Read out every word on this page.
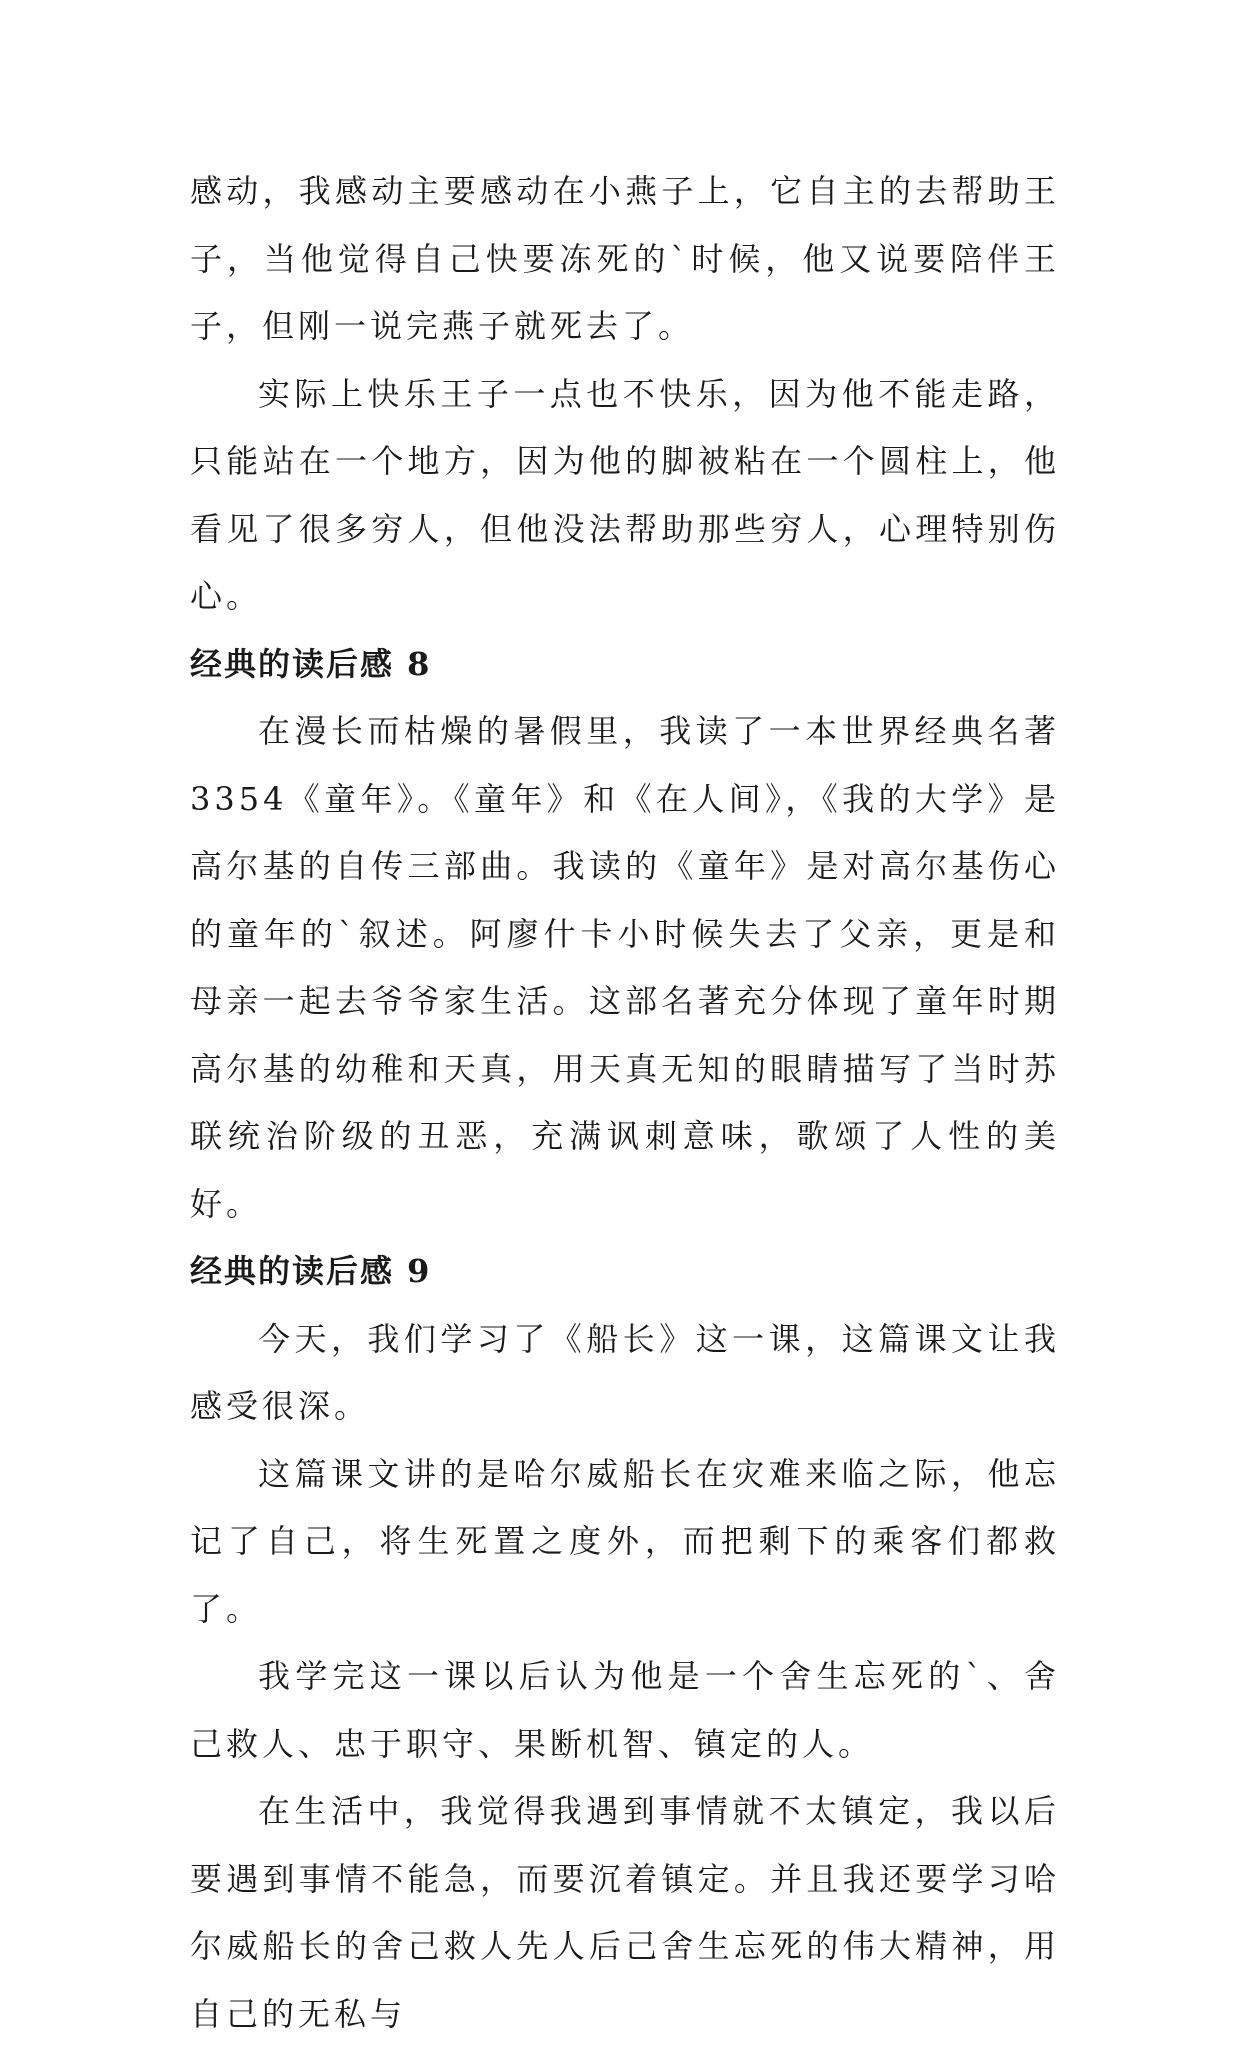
感动，我感动主要感动在小燕子上，它自主的去帮助王子，当他觉得自己快要冻死的`时候，他又说要陪伴王子，但刚一说完燕子就死去了。

实际上快乐王子一点也不快乐，因为他不能走路，只能站在一个地方，因为他的脚被粘在一个圆柱上，他看见了很多穷人，但他没法帮助那些穷人，心理特别伤心。

经典的读后感 8

在漫长而枯燥的暑假里，我读了一本世界经典名著 3354《童年》。《童年》和《在人间》，《我的大学》是高尔基的自传三部曲。我读的《童年》是对高尔基伤心的童年的`叙述。阿廖什卡小时候失去了父亲，更是和母亲一起去爷爷家生活。这部名著充分体现了童年时期高尔基的幼稚和天真，用天真无知的眼睛描写了当时苏联统治阶级的丑恶，充满讽刺意味，歌颂了人性的美好。

经典的读后感 9

今天，我们学习了《船长》这一课，这篇课文让我感受很深。

这篇课文讲的是哈尔威船长在灾难来临之际，他忘记了自己，将生死置之度外，而把剩下的乘客们都救了。

我学完这一课以后认为他是一个舍生忘死的`、舍己救人、忠于职守、果断机智、镇定的人。

在生活中，我觉得我遇到事情就不太镇定，我以后要遇到事情不能急，而要沉着镇定。并且我还要学习哈尔威船长的舍己救人先人后己舍生忘死的伟大精神，用自己的无私与
